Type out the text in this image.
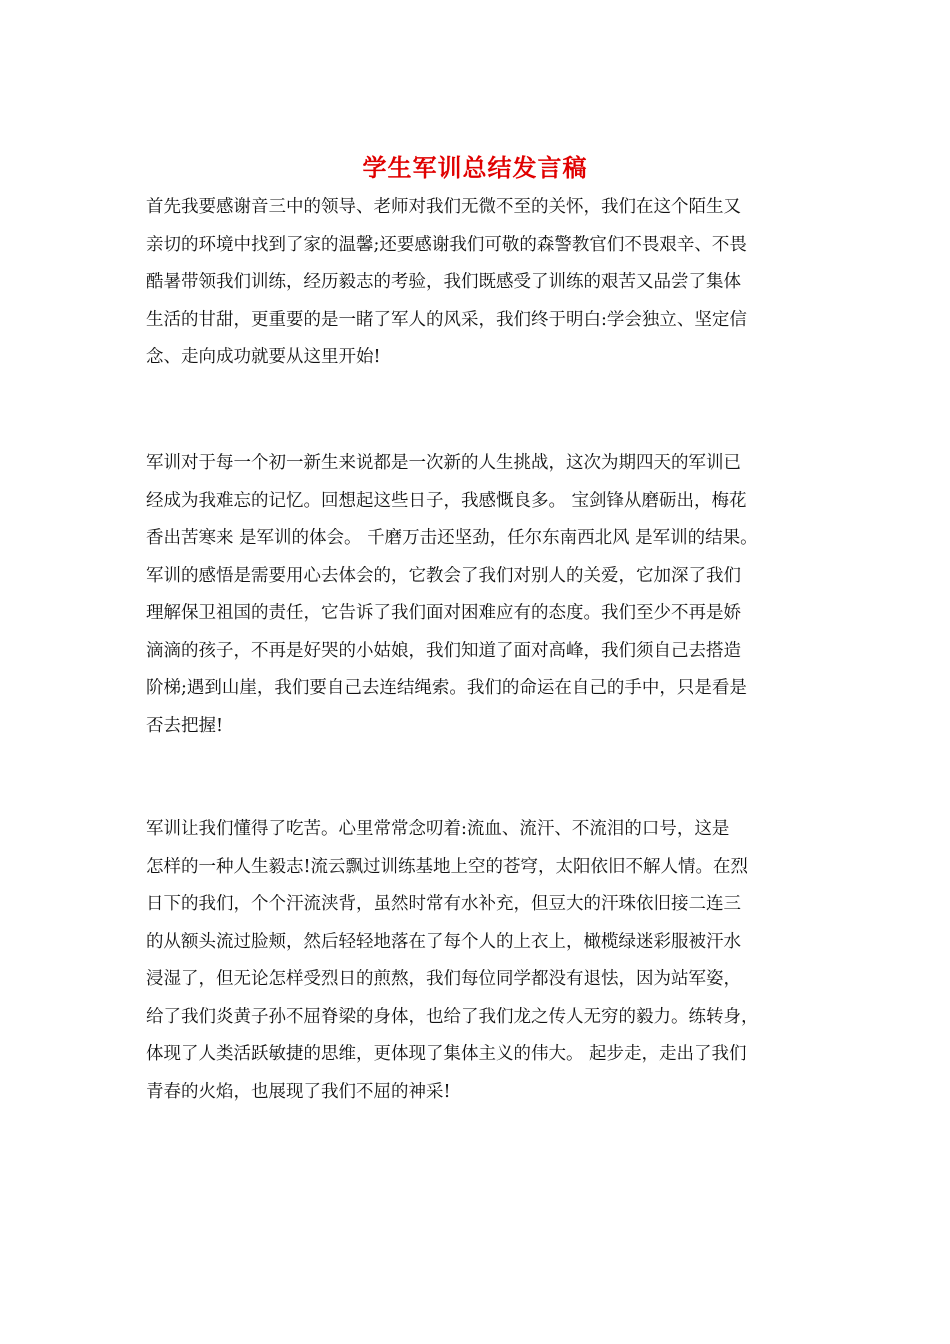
学生军训总结发言稿
首先我要感谢音三中的领导、老师对我们无微不至的关怀，我们在这个陌生又
亲切的环境中找到了家的温馨;还要感谢我们可敬的森警教官们不畏艰辛、不畏
酷暑带领我们训练，经历毅志的考验，我们既感受了训练的艰苦又品尝了集体
生活的甘甜，更重要的是一睹了军人的风采，我们终于明白:学会独立、坚定信
念、走向成功就要从这里开始!
军训对于每一个初一新生来说都是一次新的人生挑战，这次为期四天的军训已
经成为我难忘的记忆。回想起这些日子，我感慨良多。 宝剑锋从磨砺出，梅花
香出苦寒来 是军训的体会。 千磨万击还坚劲，任尔东南西北风 是军训的结果。
军训的感悟是需要用心去体会的，它教会了我们对别人的关爱，它加深了我们
理解保卫祖国的责任，它告诉了我们面对困难应有的态度。我们至少不再是娇
滴滴的孩子，不再是好哭的小姑娘，我们知道了面对高峰，我们须自己去搭造
阶梯;遇到山崖，我们要自己去连结绳索。我们的命运在自己的手中，只是看是
否去把握!
军训让我们懂得了吃苦。心里常常念叨着:流血、流汗、不流泪的口号，这是
怎样的一种人生毅志!流云飘过训练基地上空的苍穹，太阳依旧不解人情。在烈
日下的我们，个个汗流浃背，虽然时常有水补充，但豆大的汗珠依旧接二连三
的从额头流过脸颊，然后轻轻地落在了每个人的上衣上，橄榄绿迷彩服被汗水
浸湿了，但无论怎样受烈日的煎熬，我们每位同学都没有退怯，因为站军姿，
给了我们炎黄子孙不屈脊梁的身体，也给了我们龙之传人无穷的毅力。练转身，
体现了人类活跃敏捷的思维，更体现了集体主义的伟大。 起步走，走出了我们
青春的火焰，也展现了我们不屈的神采!
